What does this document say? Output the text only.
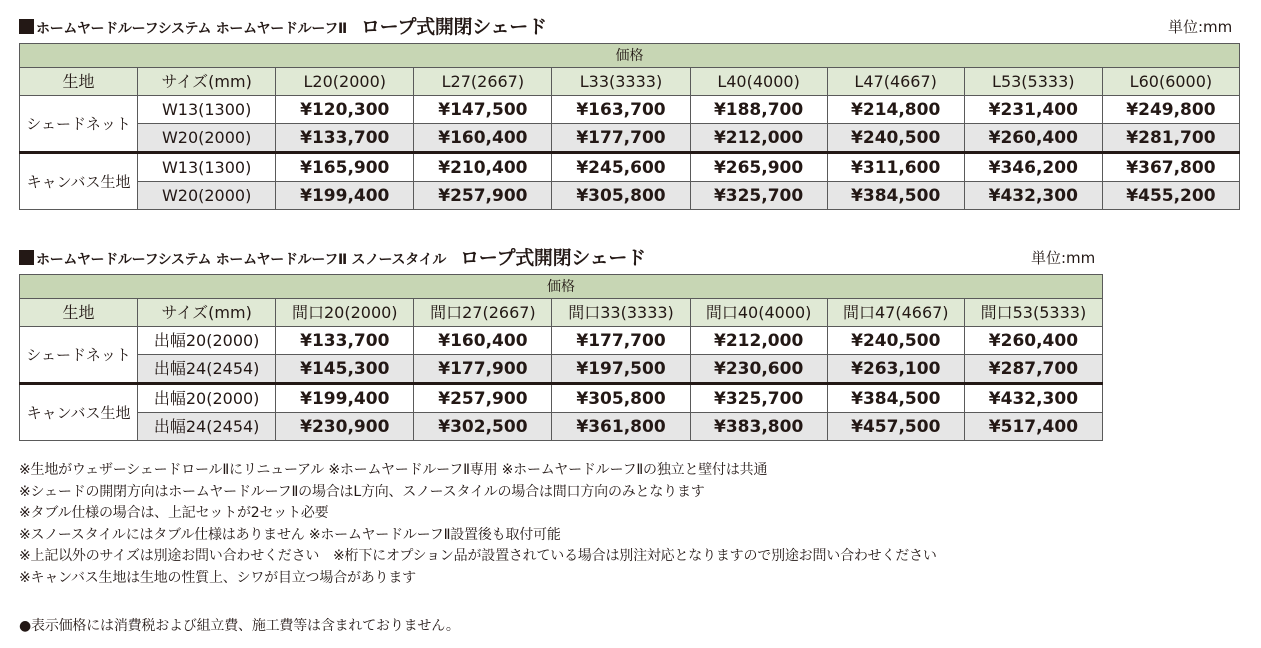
ホームヤードルーフシステム ホームヤードルーフⅡ ロープ式開閉シェード	単位:mm
価格								
生地	サイズ(mm)	L20(2000)	L27(2667)	L33(3333)	L40(4000)	L47(4667)	L53(5333)	L60(6000)
シェードネット	W13(1300)	¥120,300	¥147,500	¥163,700	¥188,700	¥214,800	¥231,400	¥249,800
	W20(2000)	¥133,700	¥160,400	¥177,700	¥212,000	¥240,500	¥260,400	¥281,700
キャンバス生地	W13(1300)	¥165,900	¥210,400	¥245,600	¥265,900	¥311,600	¥346,200	¥367,800
	W20(2000)	¥199,400	¥257,900	¥305,800	¥325,700	¥384,500	¥432,300	¥455,200
ホームヤードルーフシステム ホームヤードルーフⅡ スノースタイル ロープ式開閉シェード	単位:mm
価格							
生地	サイズ(mm)	間口20(2000)	間口27(2667)	間口33(3333)	間口40(4000)	間口47(4667)	間口53(5333)
シェードネット	出幅20(2000)	¥133,700	¥160,400	¥177,700	¥212,000	¥240,500	¥260,400
	出幅24(2454)	¥145,300	¥177,900	¥197,500	¥230,600	¥263,100	¥287,700
キャンバス生地	出幅20(2000)	¥199,400	¥257,900	¥305,800	¥325,700	¥384,500	¥432,300
	出幅24(2454)	¥230,900	¥302,500	¥361,800	¥383,800	¥457,500	¥517,400
※生地がウェザーシェードロールⅡにリニューアル ※ホームヤードルーフⅡ専用 ※ホームヤードルーフⅡの独立と壁付は共通
※シェードの開閉方向はホームヤードルーフⅡの場合はL方向、スノースタイルの場合は間口方向のみとなります
※タブル仕様の場合は、上記セットが2セット必要
※スノースタイルにはタブル仕様はありません ※ホームヤードルーフⅡ設置後も取付可能
※上記以外のサイズは別途お問い合わせください　※桁下にオプション品が設置されている場合は別注対応となりますので別途お問い合わせください
※キャンバス生地は生地の性質上、シワが目立つ場合があります
●表示価格には消費税および組立費、施工費等は含まれておりません。
